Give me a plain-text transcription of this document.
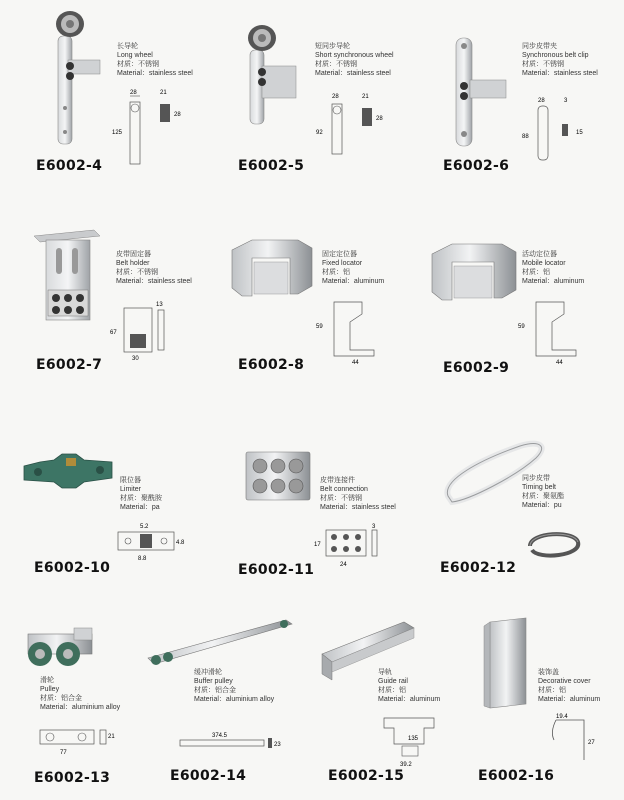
长导轮
Long wheel
材质：不锈钢
Material：stainless steel
28	21
125
28
E6002-4
短同步导轮
Short synchronous wheel
材质：不锈钢
Material：stainless steel
28	21
92
28
E6002-5
同步皮带夹
Synchronous belt clip
材质：不锈钢
Material：stainless steel
28	3
88
15
E6002-6
皮带固定器
Belt holder
材质：不锈钢
Material：stainless steel
13
67
30
E6002-7
固定定位器
Fixed locator
材质：铝
Material：aluminum
59
44
E6002-8
活动定位器
Mobile locator
材质：铝
Material：aluminum
59
44
E6002-9
限位器
Limiter
材质：聚酰胺
Material：pa
5.2
4.8
8.8
E6002-10
皮带连接件
Belt connection
材质：不锈钢
Material：stainless steel
17
3
24
E6002-11
同步皮带
Timing belt
材质：聚氨酯
Material：pu
E6002-12
滑轮
Pulley
材质：铝合金
Material：aluminium alloy
77
21
E6002-13
缓冲滑轮
Buffer pulley
材质：铝合金
Material：aluminium alloy
374.5
23
E6002-14
导轨
Guide rail
材质：铝
Material：aluminum
135
39.2
E6002-15
装饰盖
Decorative cover
材质：铝
Material：aluminum
19.4
27
E6002-16
